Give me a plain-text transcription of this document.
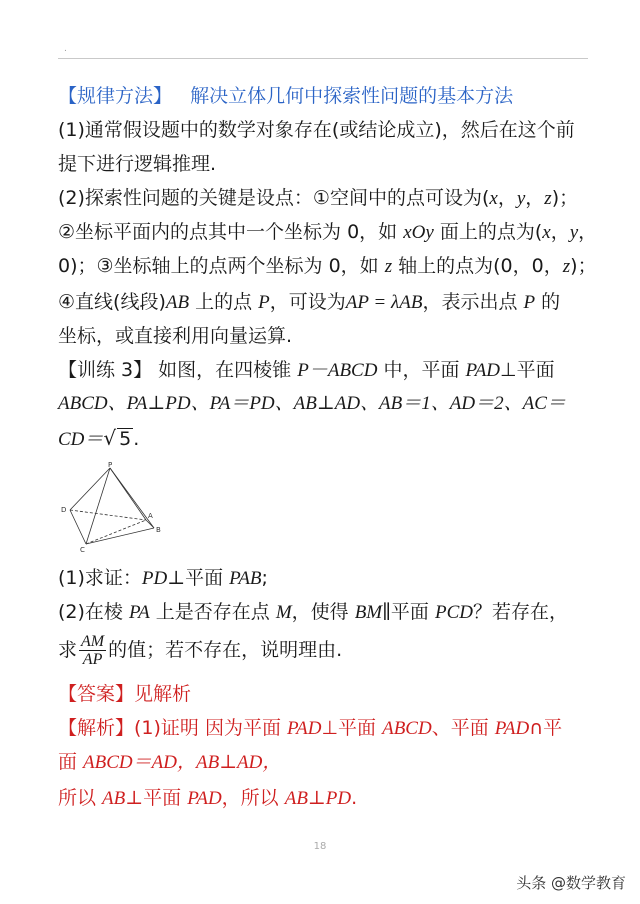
.
【规律方法】 解决立体几何中探索性问题的基本方法
(1)通常假设题中的数学对象存在(或结论成立)，然后在这个前
提下进行逻辑推理.
(2)探索性问题的关键是设点：①空间中的点可设为(x，y，z)；
②坐标平面内的点其中一个坐标为 0，如 xOy 面上的点为(x，y，
0)；③坐标轴上的点两个坐标为 0，如 z 轴上的点为(0，0，z)；
④直线(线段)AB 上的点 P，可设为AP = λAB，表示出点 P 的
坐标，或直接利用向量运算.
【训练 3】 如图，在四棱锥 P－ABCD 中，平面 PAD⊥平面
ABCD、PA⊥PD、PA＝PD、AB⊥AD、AB＝1、AD＝2、AC＝
CD＝√ 5 .
P
D
A
B
C
(1)求证：PD⊥平面 PAB;
(2)在棱 PA 上是否存在点 M，使得 BM∥平面 PCD？若存在，
求 $\frac{AM}{AP}$ 的值；若不存在，说明理由.
【答案】见解析
【解析】(1)证明 因为平面 PAD⊥平面 ABCD、平面 PAD∩平
面 ABCD＝AD，AB⊥AD，
所以 AB⊥平面 PAD，所以 AB⊥PD.
18
头条 @数学教育
